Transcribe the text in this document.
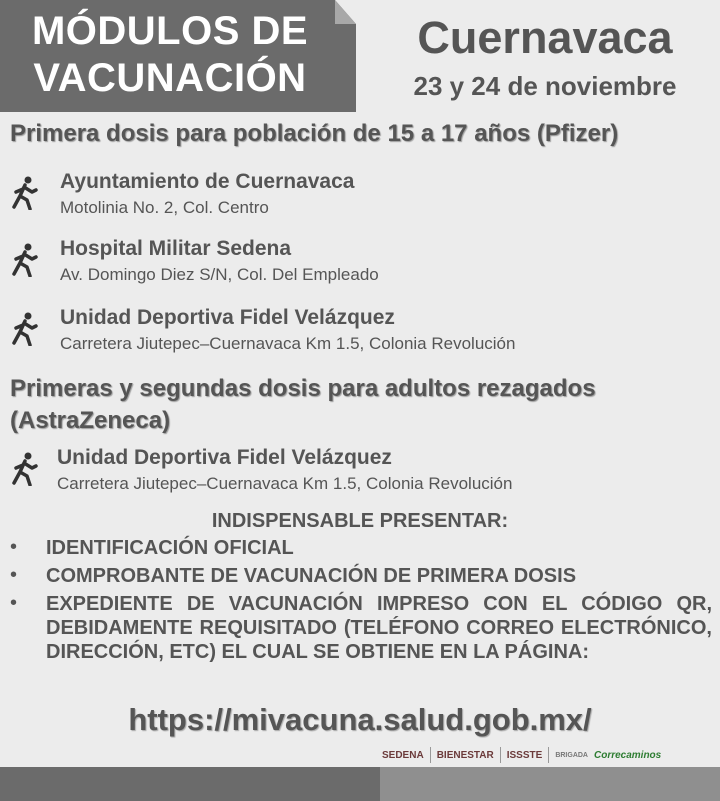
MÓDULOS DE
VACUNACIÓN
Cuernavaca
23 y 24 de noviembre
Primera dosis para población de 15 a 17 años (Pfizer)
Ayuntamiento de Cuernavaca
Motolinia No. 2, Col. Centro
Hospital Militar Sedena
Av. Domingo Diez S/N, Col. Del Empleado
Unidad Deportiva Fidel Velázquez
Carretera Jiutepec–Cuernavaca Km 1.5, Colonia Revolución
Primeras y segundas dosis para adultos rezagados
(AstraZeneca)
Unidad Deportiva Fidel Velázquez
Carretera Jiutepec–Cuernavaca Km 1.5, Colonia Revolución
INDISPENSABLE PRESENTAR:
• IDENTIFICACIÓN OFICIAL
• COMPROBANTE DE VACUNACIÓN DE PRIMERA DOSIS
• EXPEDIENTE DE VACUNACIÓN IMPRESO CON EL CÓDIGO QR, DEBIDAMENTE REQUISITADO (TELÉFONO CORREO ELECTRÓNICO, DIRECCIÓN, ETC) EL CUAL SE OBTIENE EN LA PÁGINA:
https://mivacuna.salud.gob.mx/
SEDENA BIENESTAR ISSSTE BRIGADA Correcaminos
